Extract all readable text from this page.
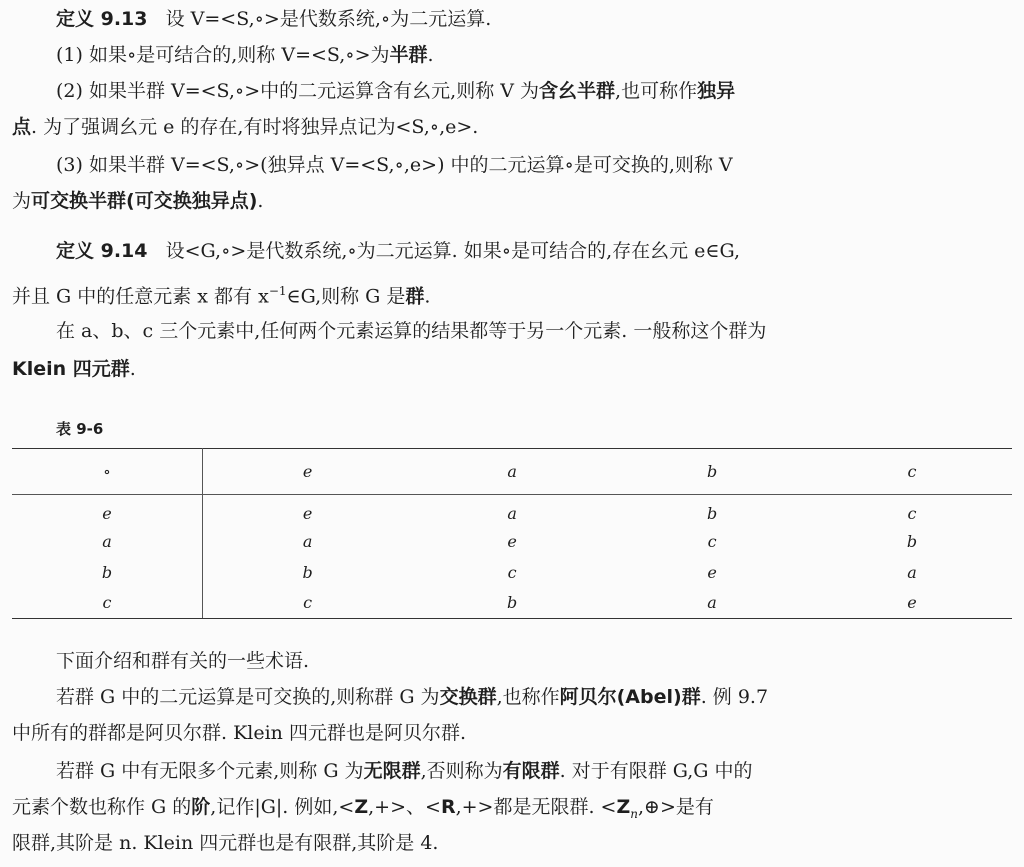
定义 9.13 设 V=<S,∘>是代数系统,∘为二元运算.
(1) 如果∘是可结合的,则称 V=<S,∘>为半群.
(2) 如果半群 V=<S,∘>中的二元运算含有幺元,则称 V 为含幺半群,也可称作独异
点. 为了强调幺元 e 的存在,有时将独异点记为<S,∘,e>.
(3) 如果半群 V=<S,∘>(独异点 V=<S,∘,e>) 中的二元运算∘是可交换的,则称 V
为可交换半群(可交换独异点).
定义 9.14 设<G,∘>是代数系统,∘为二元运算. 如果∘是可结合的,存在幺元 e∈G,
并且 G 中的任意元素 x 都有 $x^{-1}\in G$,则称 G 是群.
在 a、b、c 三个元素中,任何两个元素运算的结果都等于另一个元素. 一般称这个群为
Klein 四元群.
表 9-6
∘	e	a	b	c
e	e	a	b	c
a	a	e	c	b
b	b	c	e	a
c	c	b	a	e
下面介绍和群有关的一些术语.
若群 G 中的二元运算是可交换的,则称群 G 为交换群,也称作阿贝尔(Abel)群. 例 9.7
中所有的群都是阿贝尔群. Klein 四元群也是阿贝尔群.
若群 G 中有无限多个元素,则称 G 为无限群,否则称为有限群. 对于有限群 G,G 中的
元素个数也称作 G 的阶,记作|G|. 例如,<Z,+>、<R,+>都是无限群. $<Z_n,\oplus>$是有
限群,其阶是 n. Klein 四元群也是有限群,其阶是 4.
